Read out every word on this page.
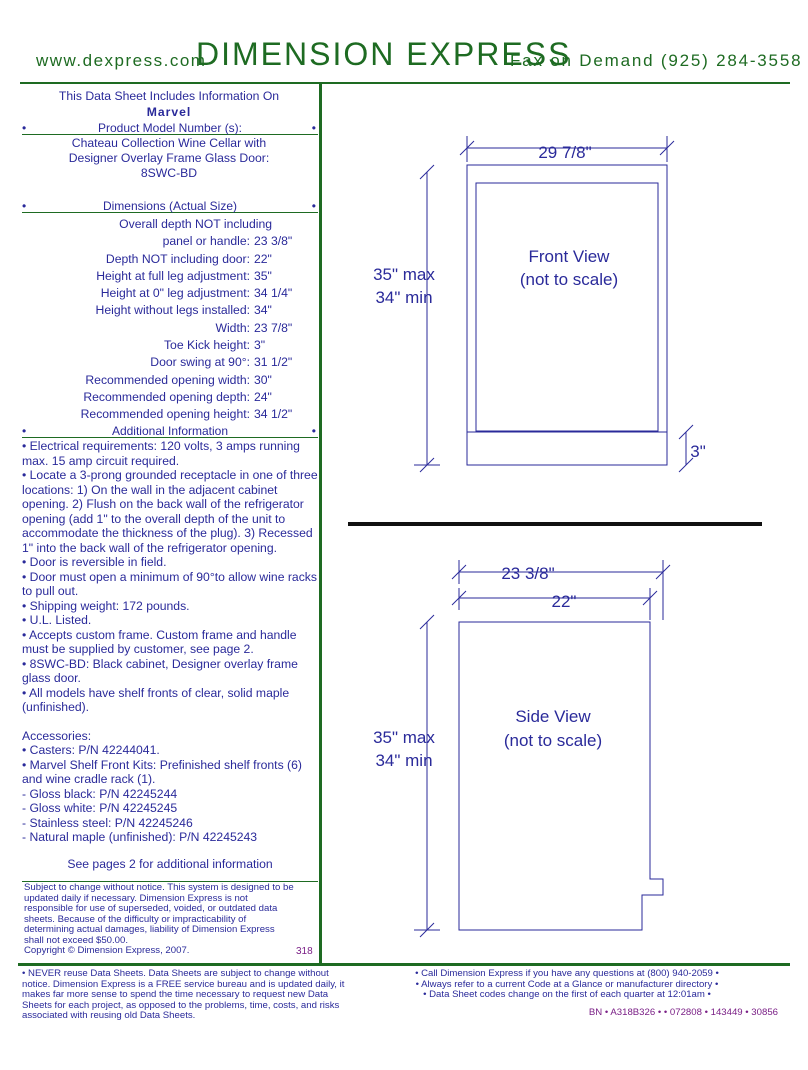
www.dexpress.com
DIMENSION EXPRESS
Fax on Demand (925) 284-3558
This Data Sheet Includes Information On
Marvel
•	Product Model Number (s):	•
Chateau Collection Wine Cellar with
Designer Overlay Frame Glass Door:
8SWC-BD
•	Dimensions (Actual Size)	•
Overall depth NOT including
panel or handle: 23 3/8"
Depth NOT including door: 22"
Height at full leg adjustment: 35"
Height at 0" leg adjustment: 34 1/4"
Height without legs installed: 34"
Width: 23 7/8"
Toe Kick height: 3"
Door swing at 90°: 31 1/2"
Recommended opening width: 30"
Recommended opening depth: 24"
Recommended opening height: 34 1/2"
•	Additional Information	•

• Electrical requirements: 120 volts, 3 amps running max. 15 amp circuit required.

• Locate a 3-prong grounded receptacle in one of three locations: 1) On the wall in the adjacent cabinet opening. 2) Flush on the back wall of the refrigerator opening (add 1" to the overall depth of the unit to accommodate the thickness of the plug). 3) Recessed 1" into the back wall of the refrigerator opening.

• Door is reversible in field.

• Door must open a minimum of 90°to allow wine racks to pull out.

• Shipping weight: 172 pounds.

• U.L. Listed.

• Accepts custom frame. Custom frame and handle must be supplied by customer, see page 2.

• 8SWC-BD: Black cabinet, Designer overlay frame glass door.

• All models have shelf fronts of clear, solid maple (unfinished).

Accessories:

• Casters: P/N 42244041.

• Marvel Shelf Front Kits: Prefinished shelf fronts (6) and wine cradle rack (1).

- Gloss black: P/N 42245244

- Gloss white: P/N 42245245

- Stainless steel: P/N 42245246

- Natural maple (unfinished): P/N 42245243

See pages 2 for additional information

Subject to change without notice. This system is designed to be updated daily if necessary. Dimension Express is not responsible for use of superseded, voided, or outdated data sheets. Because of the difficulty or impracticability of determining actual damages, liability of Dimension Express shall not exceed $50.00.
Copyright © Dimension Express, 2007.	318
29 7/8"
Front View
(not to scale)
35" max
34" min
3"
23 3/8"
22"
Side View
(not to scale)
35" max
34" min
• NEVER reuse Data Sheets. Data Sheets are subject to change without notice. Dimension Express is a FREE service bureau and is updated daily, it makes far more sense to spend the time necessary to request new Data Sheets for each project, as opposed to the problems, time, costs, and risks associated with reusing old Data Sheets.
• Call Dimension Express if you have any questions at (800) 940-2059 •
• Always refer to a current Code at a Glance or manufacturer directory •
• Data Sheet codes change on the first of each quarter at 12:01am •
BN • A318B326 • • 072808 • 143449 • 30856
